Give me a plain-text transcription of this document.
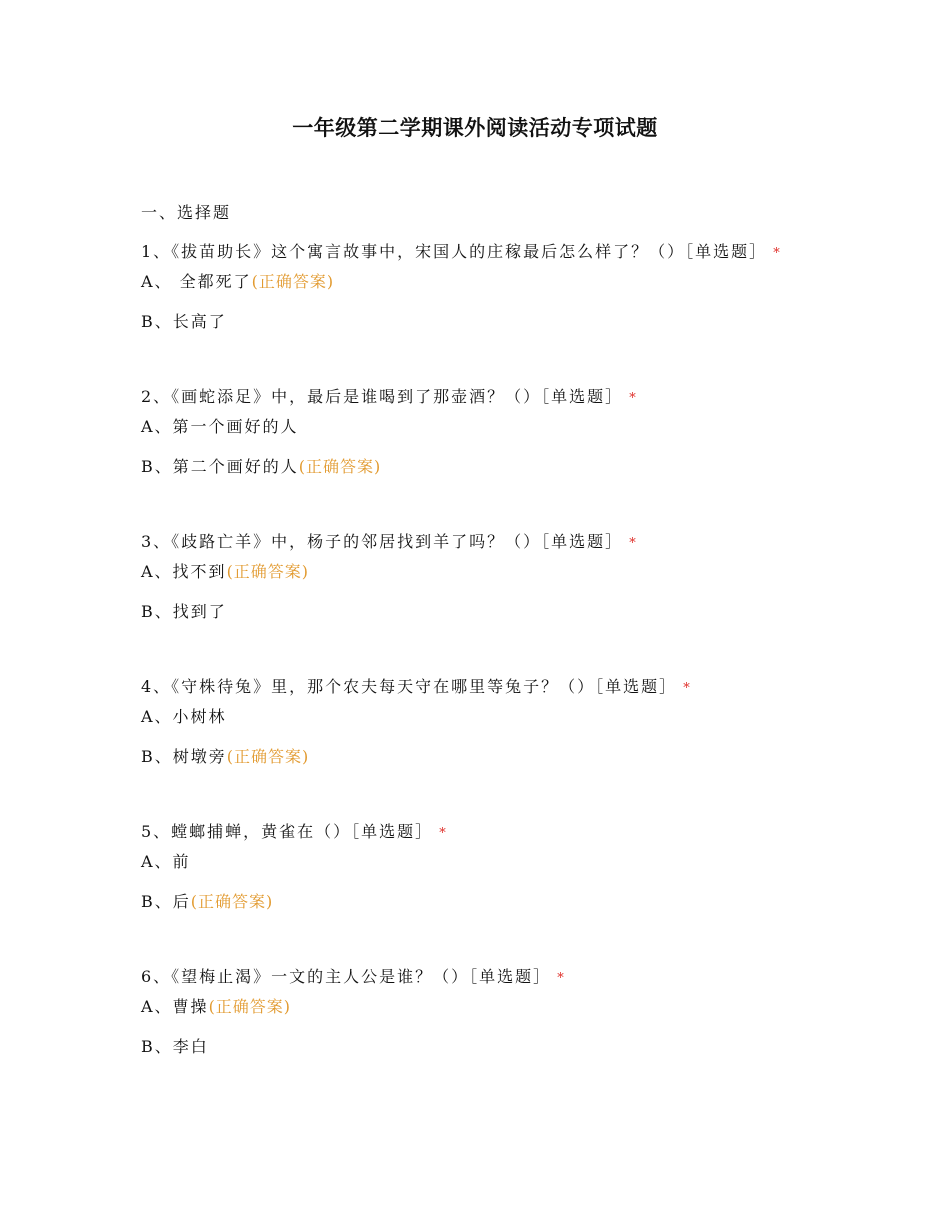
一年级第二学期课外阅读活动专项试题
一、选择题
1、《拔苗助长》这个寓言故事中，宋国人的庄稼最后怎么样了？（）［单选题］ *
A、 全都死了(正确答案)
B、长高了
2、《画蛇添足》中，最后是谁喝到了那壶酒？（）［单选题］ *
A、第一个画好的人
B、第二个画好的人(正确答案)
3、《歧路亡羊》中，杨子的邻居找到羊了吗？（）［单选题］ *
A、找不到(正确答案)
B、找到了
4、《守株待兔》里，那个农夫每天守在哪里等兔子？（）［单选题］ *
A、小树林
B、树墩旁(正确答案)
5、螳螂捕蝉，黄雀在（）［单选题］ *
A、前
B、后(正确答案)
6、《望梅止渴》一文的主人公是谁？（）［单选题］ *
A、曹操(正确答案)
B、李白
